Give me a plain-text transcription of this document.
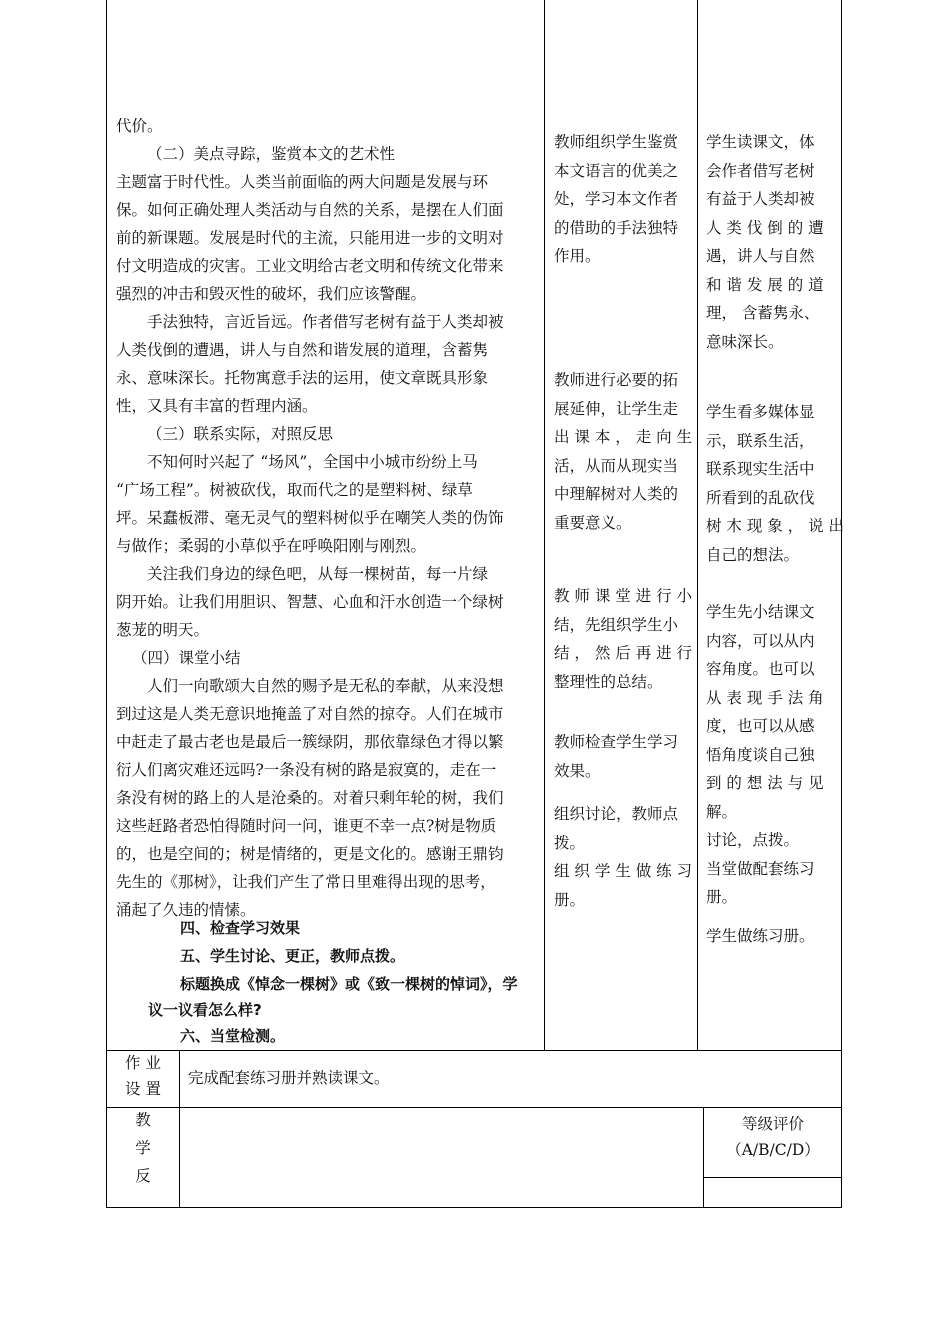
代价。
（二）美点寻踪，鉴赏本文的艺术性
主题富于时代性。人类当前面临的两大问题是发展与环
保。如何正确处理人类活动与自然的关系，是摆在人们面
前的新课题。发展是时代的主流，只能用进一步的文明对
付文明造成的灾害。工业文明给古老文明和传统文化带来
强烈的冲击和毁灭性的破坏，我们应该警醒。
手法独特，言近旨远。作者借写老树有益于人类却被
人类伐倒的遭遇，讲人与自然和谐发展的道理，含蓄隽
永、意味深长。托物寓意手法的运用，使文章既具形象
性，又具有丰富的哲理内涵。
（三）联系实际，对照反思
不知何时兴起了 “场风”，全国中小城市纷纷上马
“广场工程”。树被砍伐，取而代之的是塑料树、绿草
坪。呆蠢板滞、毫无灵气的塑料树似乎在嘲笑人类的伪饰
与做作；柔弱的小草似乎在呼唤阳刚与刚烈。
关注我们身边的绿色吧，从每一棵树苗，每一片绿
阴开始。让我们用胆识、智慧、心血和汗水创造一个绿树
葱茏的明天。
（四）课堂小结
人们一向歌颂大自然的赐予是无私的奉献，从来没想
到过这是人类无意识地掩盖了对自然的掠夺。人们在城市
中赶走了最古老也是最后一簇绿阴，那依靠绿色才得以繁
衍人们离灾难还远吗?一条没有树的路是寂寞的，走在一
条没有树的路上的人是沧桑的。对着只剩年轮的树，我们
这些赶路者恐怕得随时问一问，谁更不幸一点?树是物质
的，也是空间的；树是情绪的，更是文化的。感谢王鼎钧
先生的《那树》，让我们产生了常日里难得出现的思考，
涌起了久违的情愫。
四、检查学习效果
五、学生讨论、更正，教师点拨。
标题换成《悼念一棵树》或《致一棵树的悼词》，学
议一议看怎么样?
六、当堂检测。

教师组织学生鉴赏

本文语言的优美之

处，学习本文作者

的借助的手法独特

作用。

教师进行必要的拓

展延伸，让学生走

出 课 本 ， 走 向 生

活，从而从现实当

中理解树对人类的

重要意义。

教 师 课 堂 进 行 小

结，先组织学生小

结 ， 然 后 再 进 行

整理性的总结。

教师检查学生学习

效果。

组织讨论，教师点

拨。

组 织 学 生 做 练 习

册。

学生读课文，体

会作者借写老树

有益于人类却被

人 类 伐 倒 的 遭

遇，讲人与自然

和 谐 发 展 的 道

理， 含蓄隽永、

意味深长。

学生看多媒体显

示，联系生活，

联系现实生活中

所看到的乱砍伐

树 木 现 象 ， 说 出

自己的想法。

学生先小结课文

内容，可以从内

容角度。也可以

从 表 现 手 法 角

度，也可以从感

悟角度谈自己独

到 的 想 法 与 见

解。

讨论，点拨。

当堂做配套练习

册。

学生做练习册。

作 业
设 置
完成配套练习册并熟读课文。
教
学
反
等级评价
（A/B/C/D）
